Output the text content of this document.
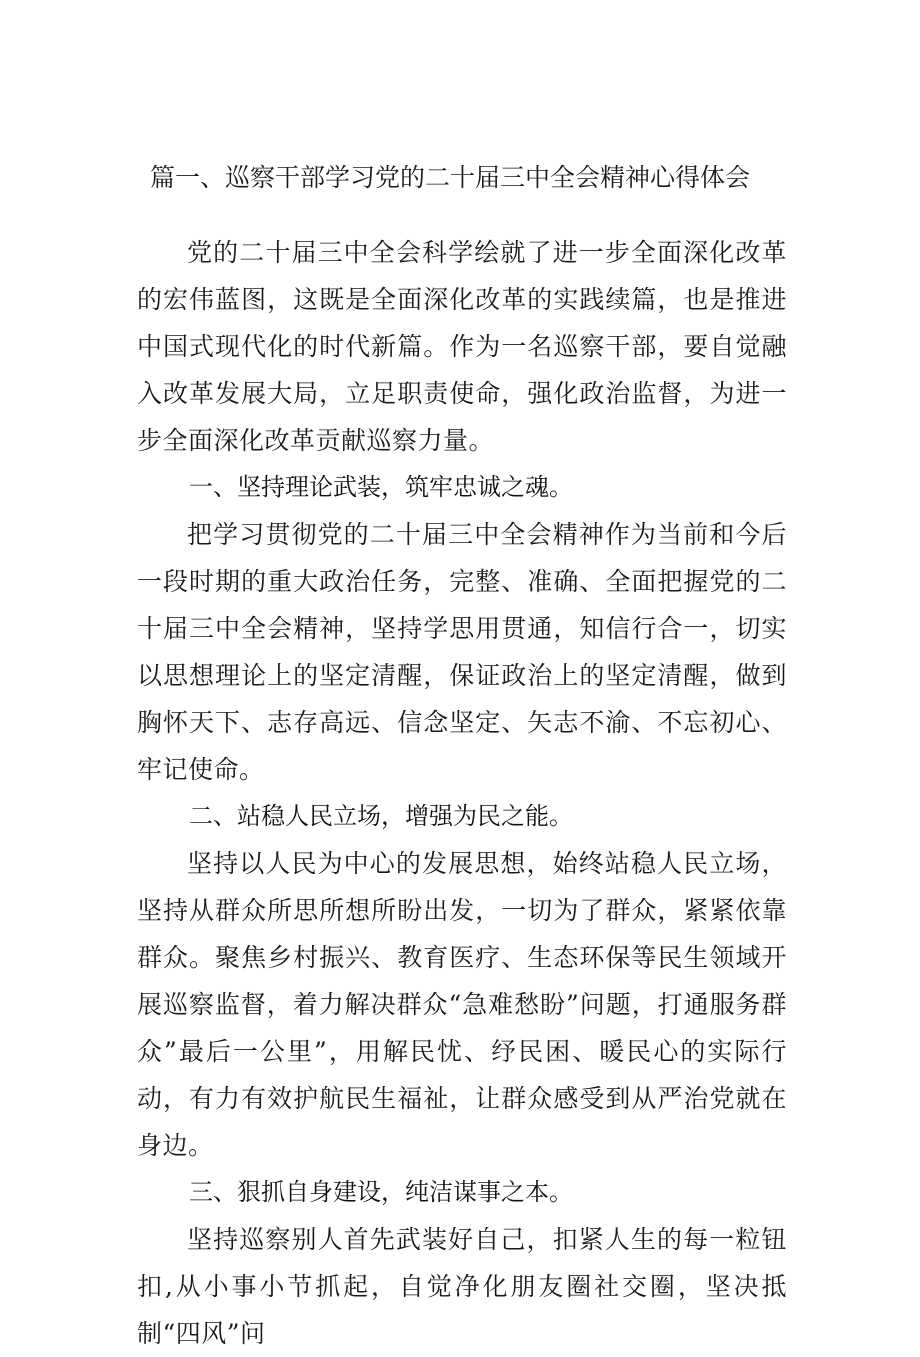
篇一、巡察干部学习党的二十届三中全会精神心得体会

党的二十届三中全会科学绘就了进一步全面深化改革的宏伟蓝图，这既是全面深化改革的实践续篇，也是推进中国式现代化的时代新篇。作为一名巡察干部，要自觉融入改革发展大局，立足职责使命，强化政治监督，为进一步全面深化改革贡献巡察力量。

一、坚持理论武装，筑牢忠诚之魂。

把学习贯彻党的二十届三中全会精神作为当前和今后一段时期的重大政治任务，完整、准确、全面把握党的二十届三中全会精神，坚持学思用贯通，知信行合一，切实以思想理论上的坚定清醒，保证政治上的坚定清醒，做到胸怀天下、志存高远、信念坚定、矢志不渝、不忘初心、牢记使命。

二、站稳人民立场，增强为民之能。

坚持以人民为中心的发展思想，始终站稳人民立场，坚持从群众所思所想所盼出发，一切为了群众，紧紧依靠群众。聚焦乡村振兴、教育医疗、生态环保等民生领域开展巡察监督，着力解决群众“急难愁盼”问题，打通服务群众”最后一公里”，用解民忧、纾民困、暖民心的实际行动，有力有效护航民生福祉，让群众感受到从严治党就在身边。

三、狠抓自身建设，纯洁谋事之本。

坚持巡察别人首先武装好自己，扣紧人生的每一粒钮扣,从小事小节抓起，自觉净化朋友圈社交圈，坚决抵制“四风”问
